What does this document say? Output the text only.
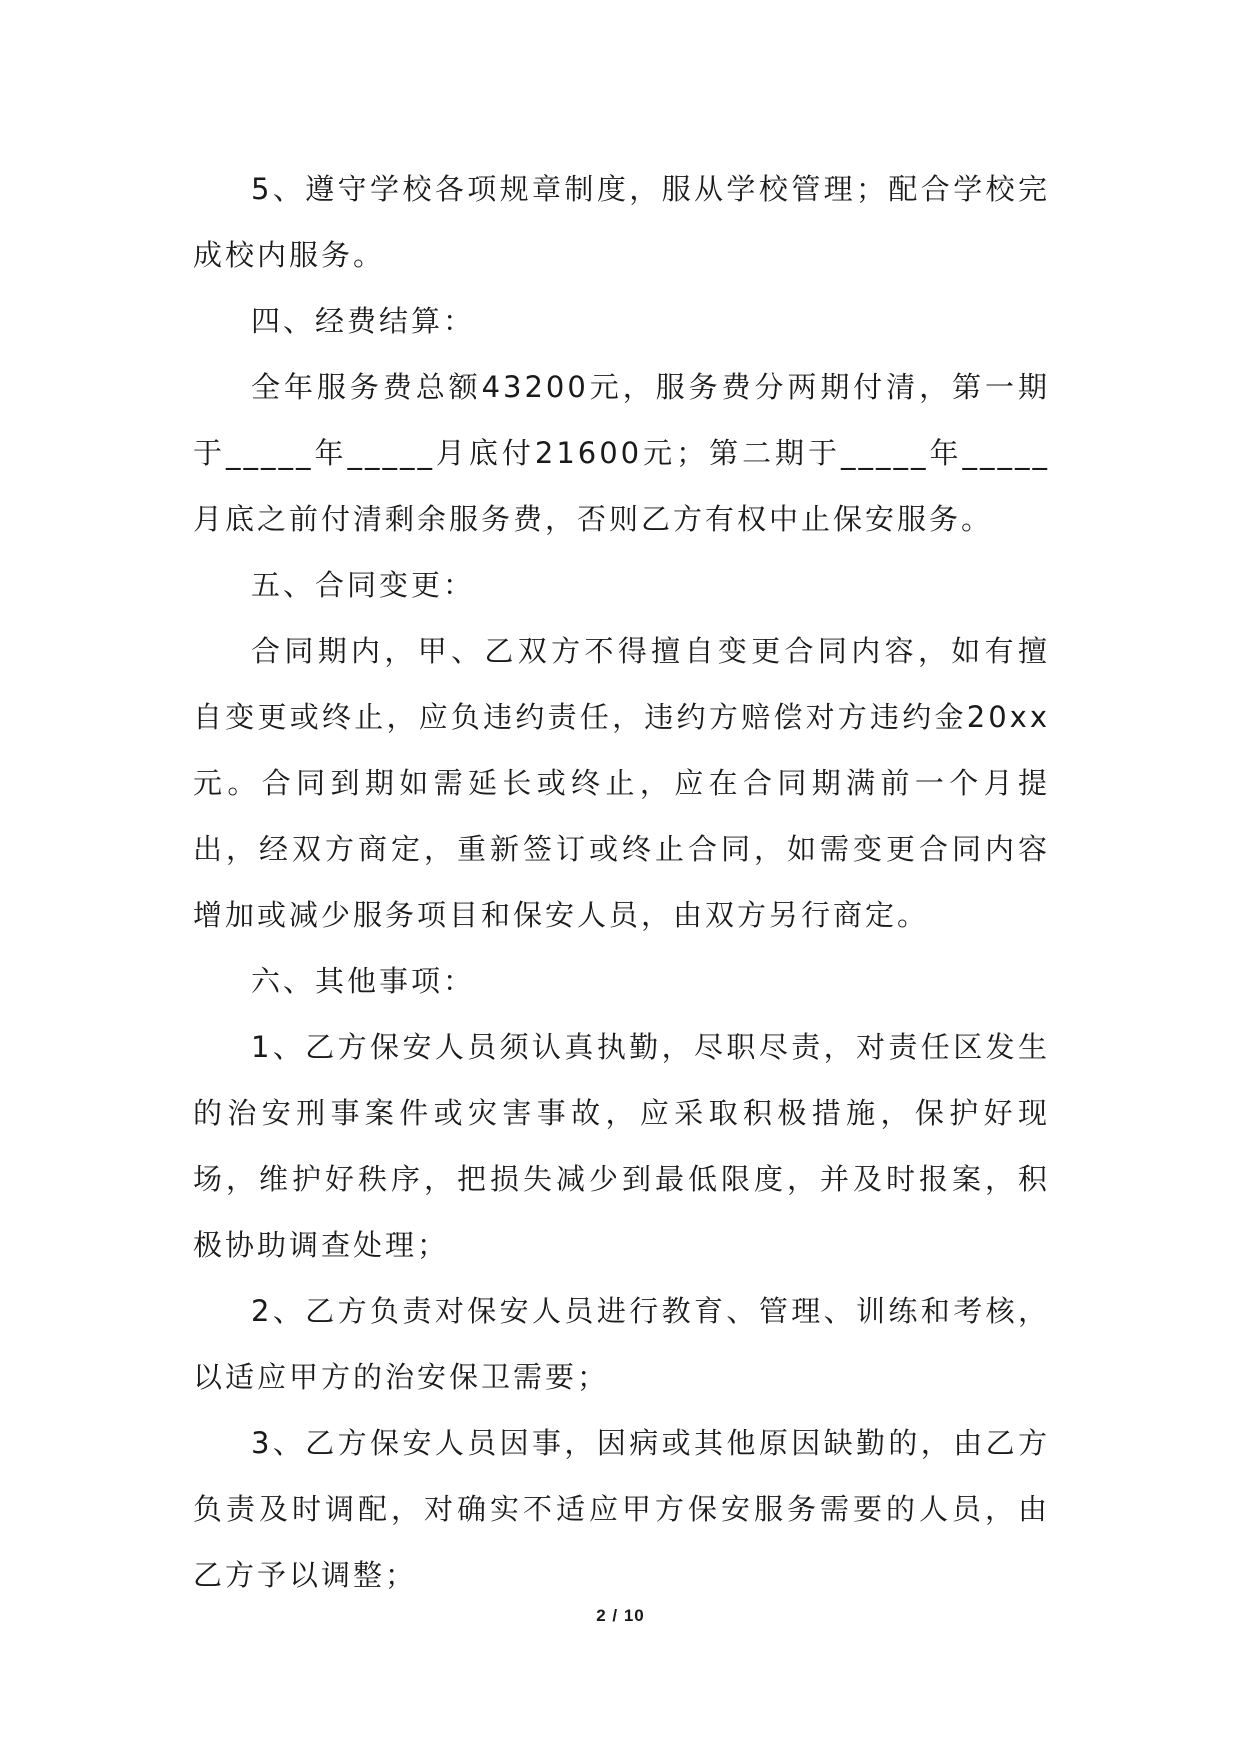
5、遵守学校各项规章制度，服从学校管理；配合学校完成校内服务。

四、经费结算：

全年服务费总额43200元，服务费分两期付清，第一期于_____年_____月底付21600元；第二期于_____年_____月底之前付清剩余服务费，否则乙方有权中止保安服务。

五、合同变更：

合同期内，甲、乙双方不得擅自变更合同内容，如有擅自变更或终止，应负违约责任，违约方赔偿对方违约金20xx元。合同到期如需延长或终止，应在合同期满前一个月提出，经双方商定，重新签订或终止合同，如需变更合同内容增加或减少服务项目和保安人员，由双方另行商定。

六、其他事项：

1、乙方保安人员须认真执勤，尽职尽责，对责任区发生的治安刑事案件或灾害事故，应采取积极措施，保护好现场，维护好秩序，把损失减少到最低限度，并及时报案，积极协助调查处理；

2、乙方负责对保安人员进行教育、管理、训练和考核，以适应甲方的治安保卫需要；

3、乙方保安人员因事，因病或其他原因缺勤的，由乙方负责及时调配，对确实不适应甲方保安服务需要的人员，由乙方予以调整；

2 / 10
